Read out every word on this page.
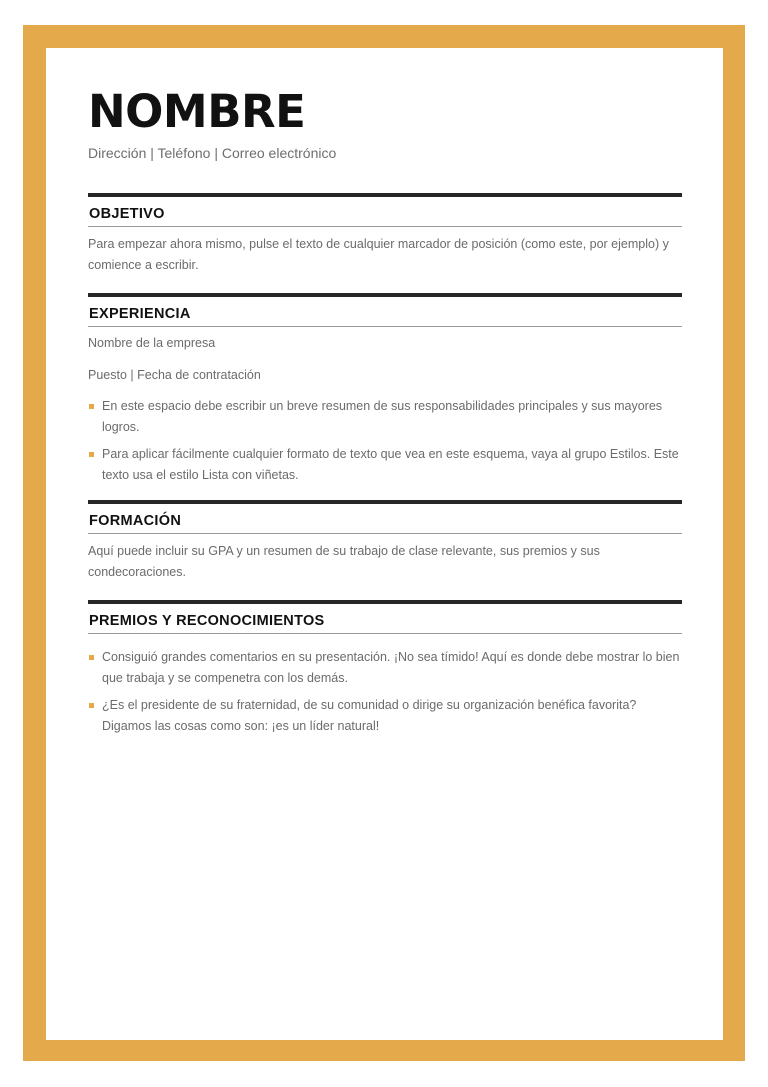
NOMBRE
Dirección | Teléfono | Correo electrónico
OBJETIVO

Para empezar ahora mismo, pulse el texto de cualquier marcador de posición (como este, por ejemplo) y comience a escribir.

EXPERIENCIA

Nombre de la empresa

Puesto | Fecha de contratación

En este espacio debe escribir un breve resumen de sus responsabilidades principales y sus mayores logros.
Para aplicar fácilmente cualquier formato de texto que vea en este esquema, vaya al grupo Estilos. Este texto usa el estilo Lista con viñetas.
FORMACIÓN

Aquí puede incluir su GPA y un resumen de su trabajo de clase relevante, sus premios y sus condecoraciones.

PREMIOS Y RECONOCIMIENTOS
Consiguió grandes comentarios en su presentación. ¡No sea tímido! Aquí es donde debe mostrar lo bien que trabaja y se compenetra con los demás.
¿Es el presidente de su fraternidad, de su comunidad o dirige su organización benéfica favorita? Digamos las cosas como son: ¡es un líder natural!
